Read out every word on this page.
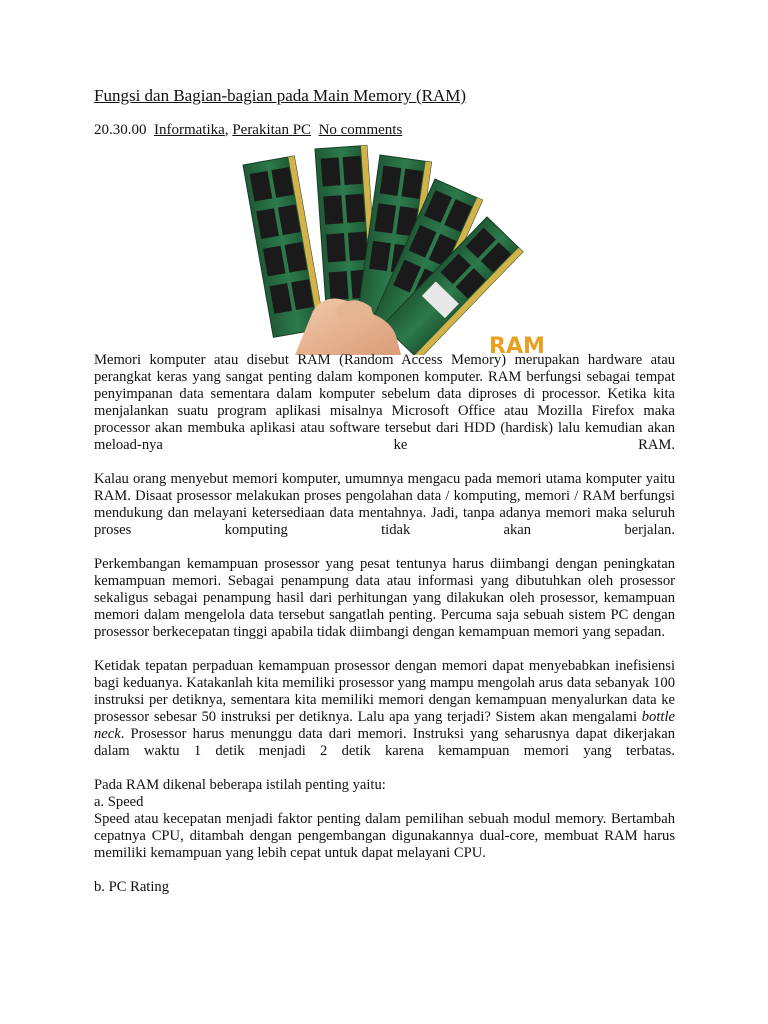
Fungsi dan Bagian-bagian pada Main Memory (RAM)
20.30.00 Informatika, Perakitan PC No comments
RAM

Memori komputer atau disebut RAM (Random Access Memory) merupakan hardware atau perangkat keras yang sangat penting dalam komponen komputer. RAM berfungsi sebagai tempat penyimpanan data sementara dalam komputer sebelum data diproses di processor. Ketika kita menjalankan suatu program aplikasi misalnya Microsoft Office atau Mozilla Firefox maka processor akan membuka aplikasi atau software tersebut dari HDD (hardisk) lalu kemudian akan meload-nya ke RAM.

Kalau orang menyebut memori komputer, umumnya mengacu pada memori utama komputer yaitu RAM. Disaat prosessor melakukan proses pengolahan data / komputing, memori / RAM berfungsi mendukung dan melayani ketersediaan data mentahnya. Jadi, tanpa adanya memori maka seluruh proses komputing tidak akan berjalan.

Perkembangan kemampuan prosessor yang pesat tentunya harus diimbangi dengan peningkatan kemampuan memori. Sebagai penampung data atau informasi yang dibutuhkan oleh prosessor sekaligus sebagai penampung hasil dari perhitungan yang dilakukan oleh prosessor, kemampuan memori dalam mengelola data tersebut sangatlah penting. Percuma saja sebuah sistem PC dengan prosessor berkecepatan tinggi apabila tidak diimbangi dengan kemampuan memori yang sepadan.

Ketidak tepatan perpaduan kemampuan prosessor dengan memori dapat menyebabkan inefisiensi bagi keduanya. Katakanlah kita memiliki prosessor yang mampu mengolah arus data sebanyak 100 instruksi per detiknya, sementara kita memiliki memori dengan kemampuan menyalurkan data ke prosessor sebesar 50 instruksi per detiknya. Lalu apa yang terjadi? Sistem akan mengalami bottle neck. Prosessor harus menunggu data dari memori. Instruksi yang seharusnya dapat dikerjakan dalam waktu 1 detik menjadi 2 detik karena kemampuan memori yang terbatas.

Pada RAM dikenal beberapa istilah penting yaitu:
a. Speed
Speed atau kecepatan menjadi faktor penting dalam pemilihan sebuah modul memory. Bertambah cepatnya CPU, ditambah dengan pengembangan digunakannya dual-core, membuat RAM harus memiliki kemampuan yang lebih cepat untuk dapat melayani CPU.

b. PC Rating
